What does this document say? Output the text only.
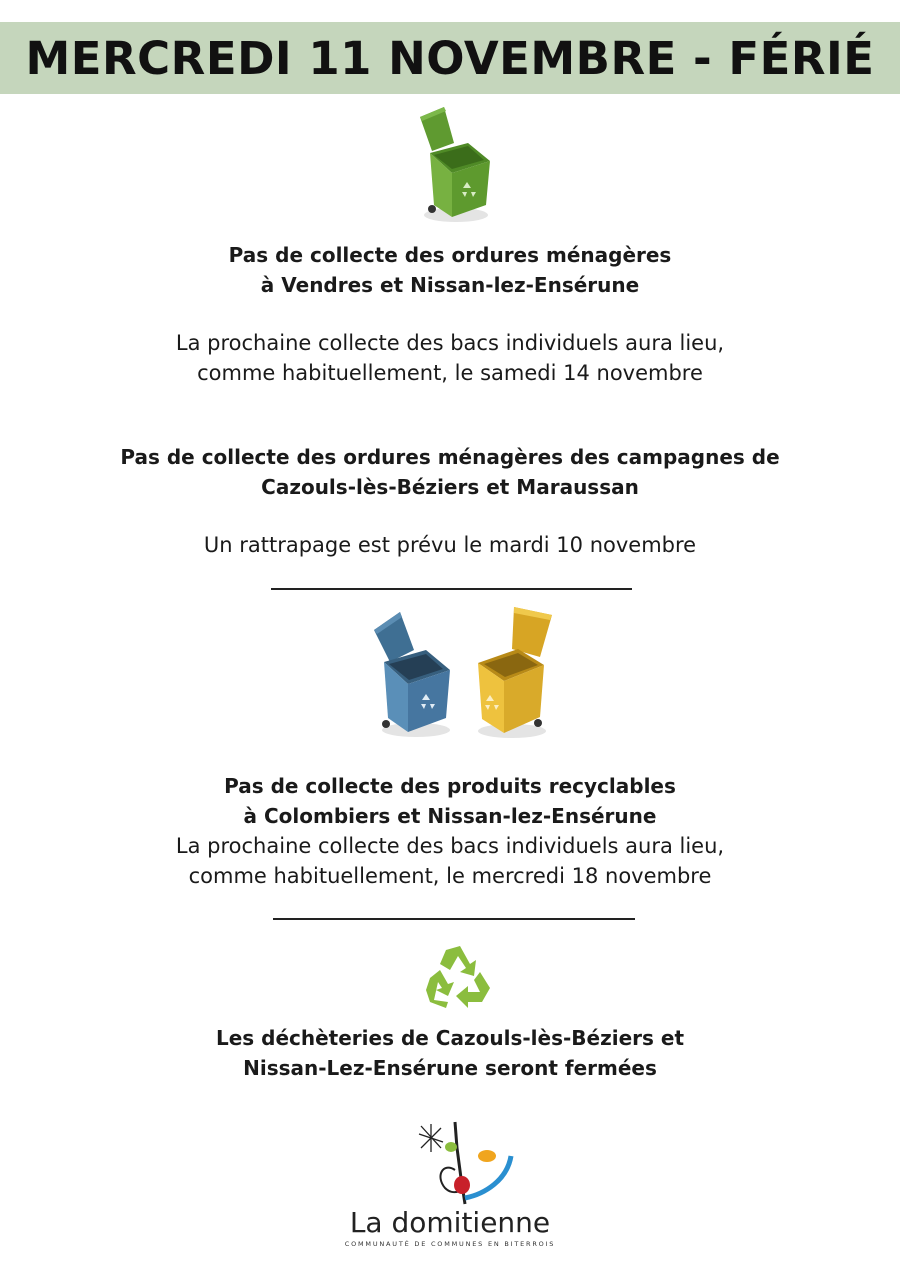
MERCREDI 11 NOVEMBRE - FÉRIÉ
Pas de collecte des ordures ménagères
à Vendres et Nissan-lez-Ensérune
La prochaine collecte des bacs individuels aura lieu,
comme habituellement, le samedi 14 novembre
Pas de collecte des ordures ménagères des campagnes de
Cazouls-lès-Béziers et Maraussan
Un rattrapage est prévu le mardi 10 novembre
Pas de collecte des produits recyclables
à Colombiers et Nissan-lez-Ensérune
La prochaine collecte des bacs individuels aura lieu,
comme habituellement, le mercredi 18 novembre
Les déchèteries de Cazouls-lès-Béziers et
Nissan-Lez-Ensérune seront fermées
La domitienne
COMMUNAUTÉ DE COMMUNES EN BITERROIS
